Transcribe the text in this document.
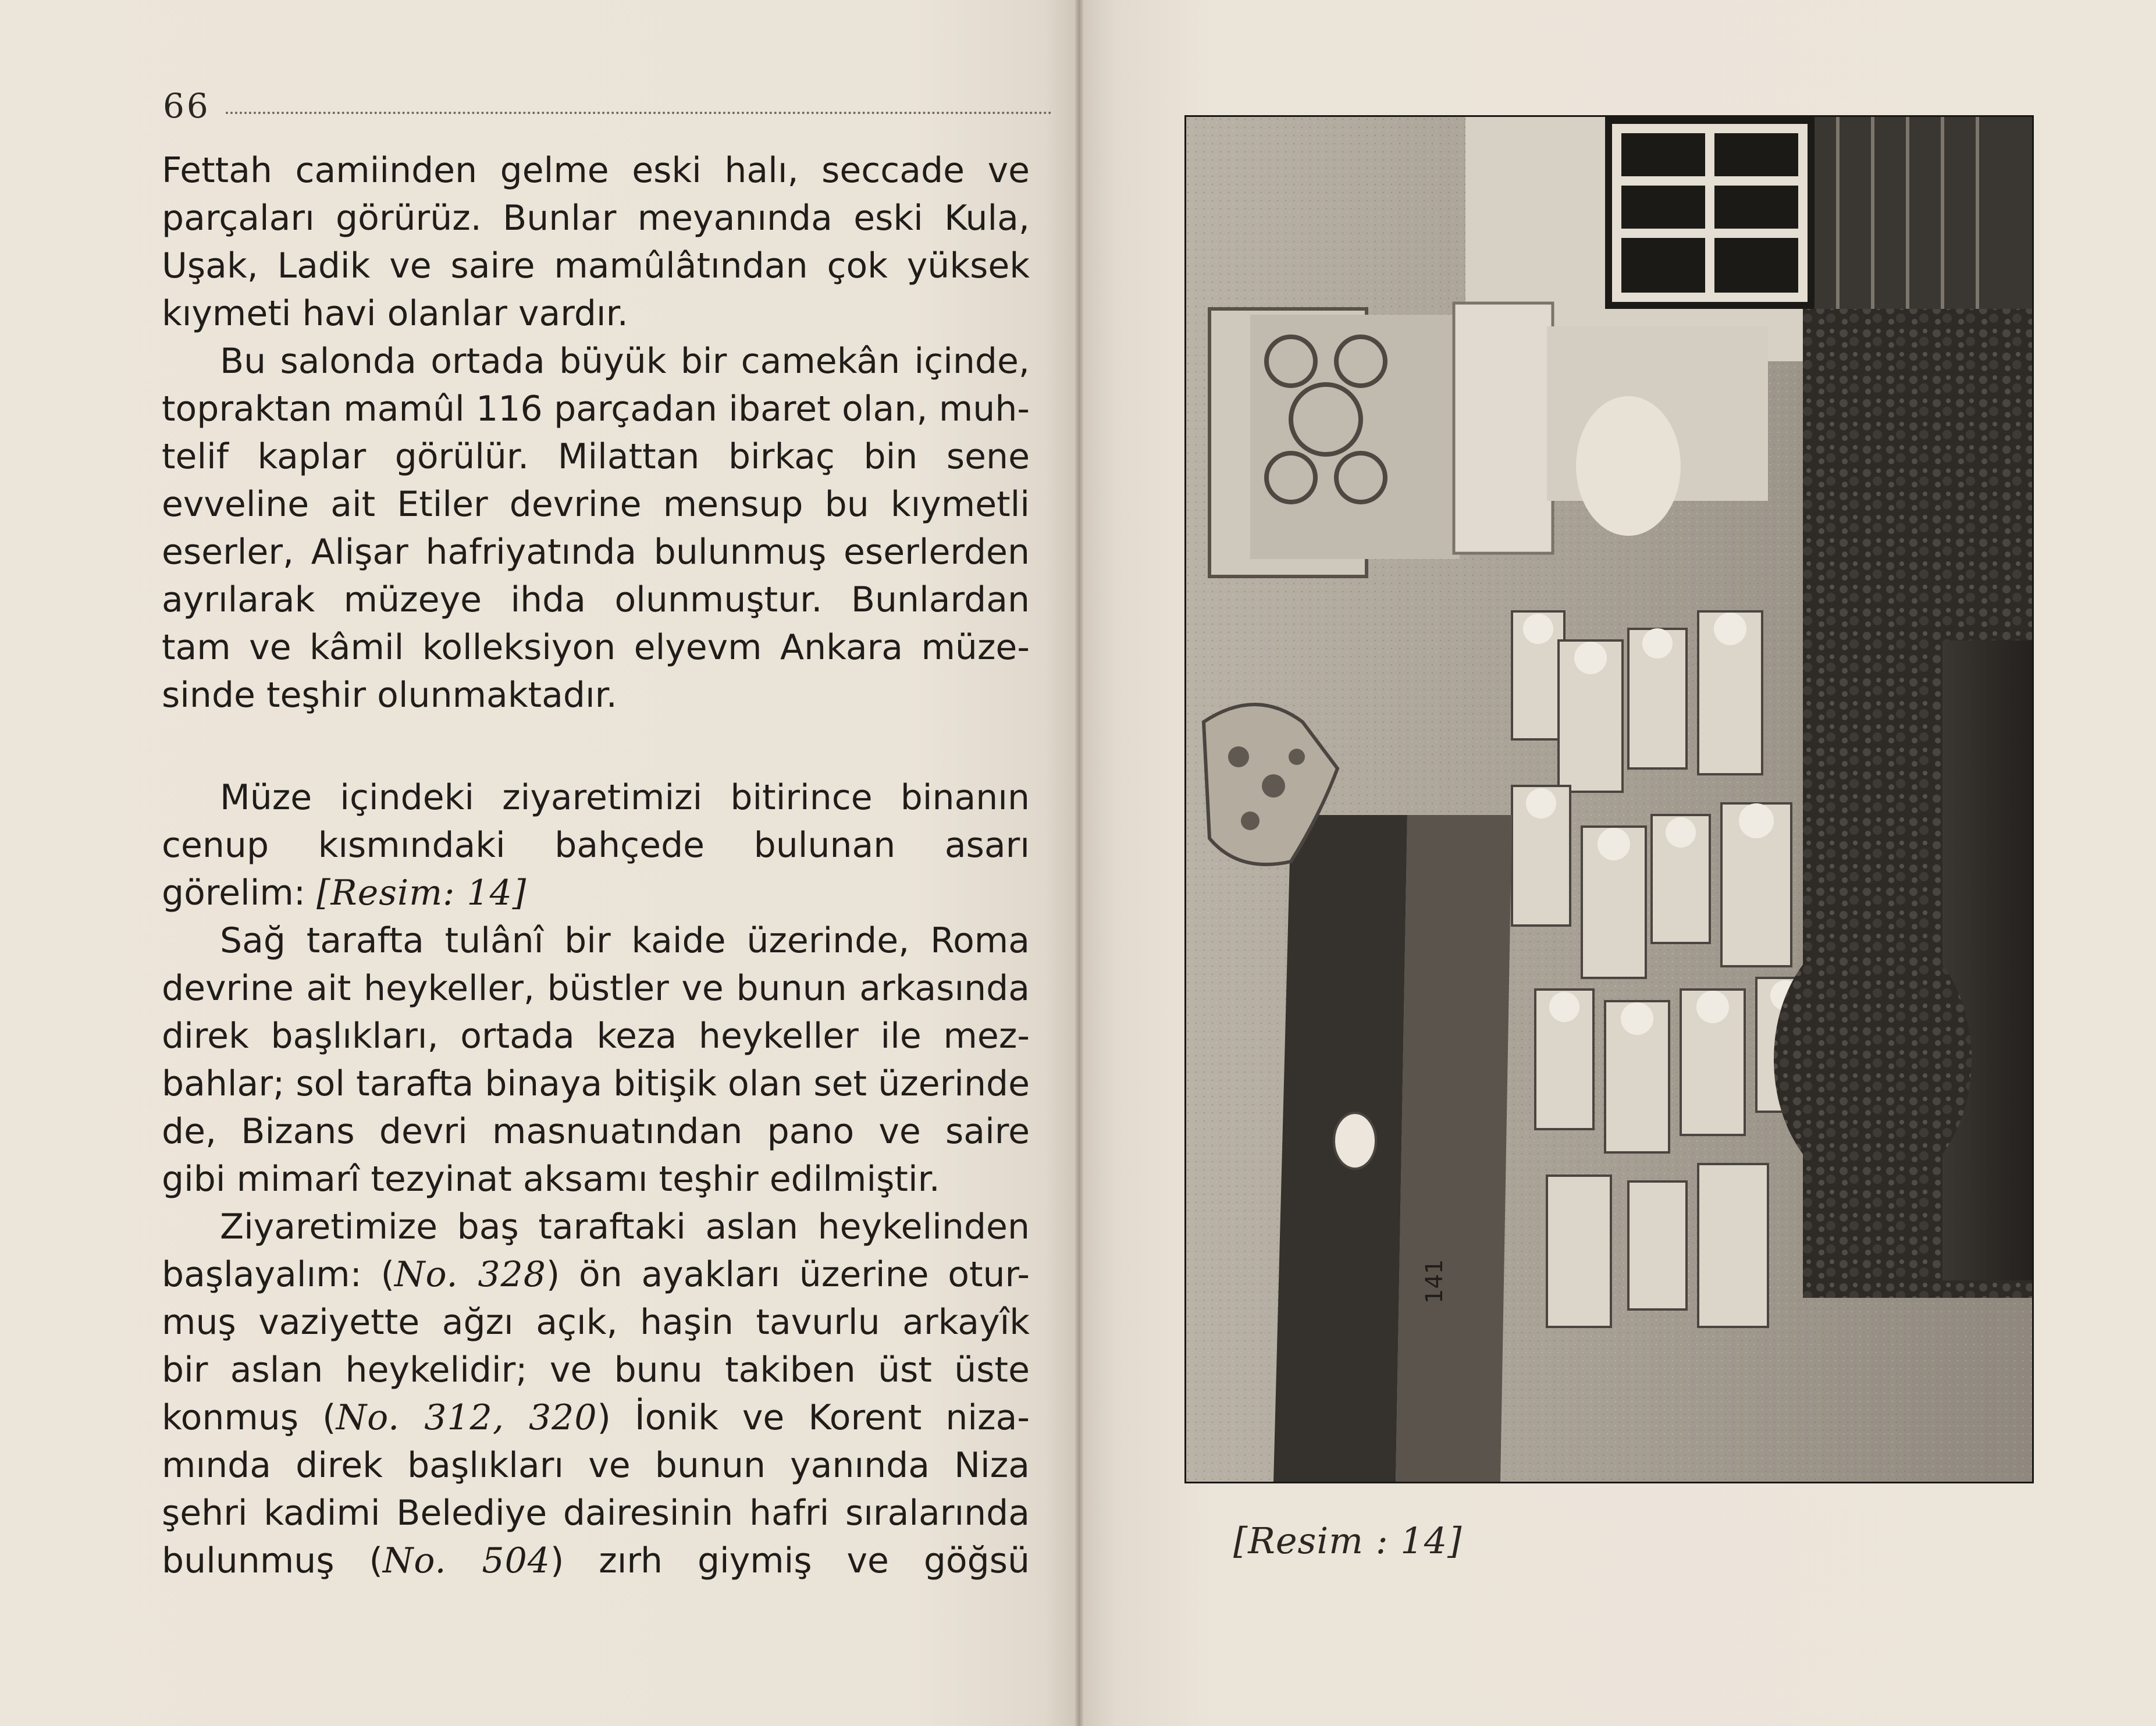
66
Fettah camiinden gelme eski halı, seccade ve
parçaları görürüz. Bunlar meyanında eski Kula,
Uşak, Ladik ve saire mamûlâtından çok yüksek
kıymeti havi olanlar vardır.
Bu salonda ortada büyük bir camekân içinde,
topraktan mamûl 116 parçadan ibaret olan, muh-
telif kaplar görülür. Milattan birkaç bin sene
evveline ait Etiler devrine mensup bu kıymetli
eserler, Alişar hafriyatında bulunmuş eserlerden
ayrılarak müzeye ihda olunmuştur. Bunlardan
tam ve kâmil kolleksiyon elyevm Ankara müze-
sinde teşhir olunmaktadır.
Müze içindeki ziyaretimizi bitirince binanın
cenup kısmındaki bahçede bulunan asarı
görelim: [Resim: 14]
Sağ tarafta tulânî bir kaide üzerinde, Roma
devrine ait heykeller, büstler ve bunun arkasında
direk başlıkları, ortada keza heykeller ile mez-
bahlar; sol tarafta binaya bitişik olan set üzerinde
de, Bizans devri masnuatından pano ve saire
gibi mimarî tezyinat aksamı teşhir edilmiştir.
Ziyaretimize baş taraftaki aslan heykelinden
başlayalım: (No. 328) ön ayakları üzerine otur-
muş vaziyette ağzı açık, haşin tavurlu arkayîk
bir aslan heykelidir; ve bunu takiben üst üste
konmuş (No. 312, 320) İonik ve Korent niza-
mında direk başlıkları ve bunun yanında Niza
şehri kadimi Belediye dairesinin hafri sıralarında
bulunmuş (No. 504) zırh giymiş ve göğsü
141
[Resim : 14]
